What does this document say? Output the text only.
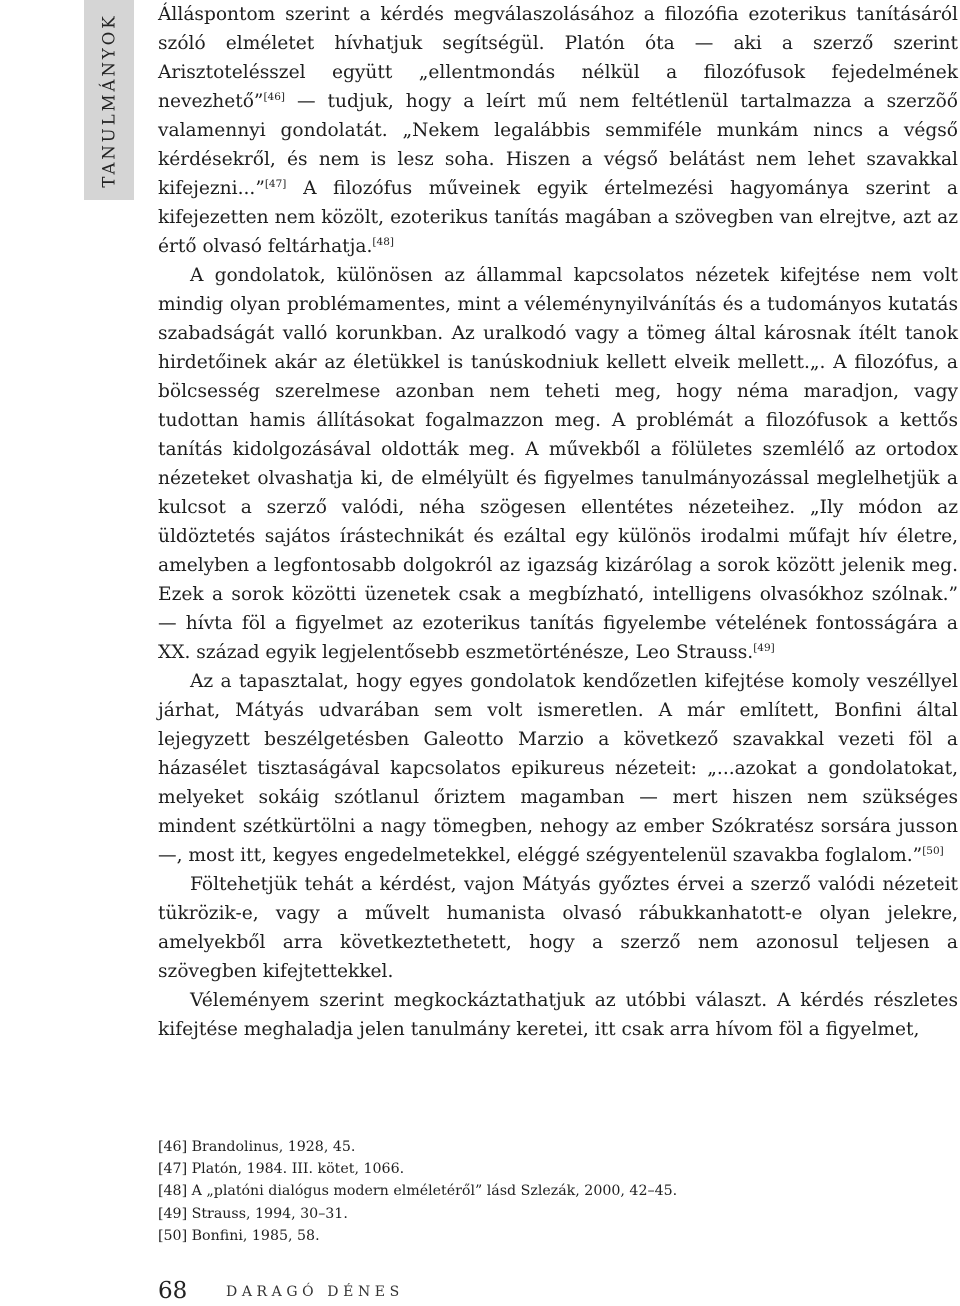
TANULMÁNYOK Álláspontom szerint a kérdés megválaszolásához a filozófia ezoterikus tanításáról szóló elméletet hívhatjuk segítségül. Platón óta — aki a szerző szerint Arisztotelésszel együtt „ellentmondás nélkül a filozófusok fejedelmének nevezhető”[46] — tudjuk, hogy a leírt mű nem feltétlenül tartalmazza a szerzõő valamennyi gondolatát. „Nekem legalábbis semmiféle munkám nincs a végső kérdésekről, és nem is lesz soha. Hiszen a végső belátást nem lehet szavakkal kifejezni...”[47] A filozófus műveinek egyik értelmezési hagyománya szerint a kifejezetten nem közölt, ezoterikus tanítás magában a szövegben van elrejtve, azt az értő olvasó feltárhatja.[48]

A gondolatok, különösen az állammal kapcsolatos nézetek kifejtése nem volt mindig olyan problémamentes, mint a véleménynyilvánítás és a tudományos kutatás szabadságát valló korunkban. Az uralkodó vagy a tömeg által károsnak ítélt tanok hirdetőinek akár az életükkel is tanúskodniuk kellett elveik mellett.„. A filozófus, a bölcsesség szerelmese azonban nem teheti meg, hogy néma maradjon, vagy tudottan hamis állításokat fogalmazzon meg. A problémát a filozófusok a kettős tanítás kidolgozásával oldották meg. A művekből a fölületes szemlélő az ortodox nézeteket olvashatja ki, de elmélyült és figyelmes tanulmányozással meglelhetjük a kulcsot a szerző valódi, néha szögesen ellentétes nézeteihez. „Ily módon az üldöztetés sajátos írástechnikát és ezáltal egy különös irodalmi műfajt hív életre, amelyben a legfontosabb dolgokról az igazság kizárólag a sorok között jelenik meg. Ezek a sorok közötti üzenetek csak a megbízható, intelligens olvasókhoz szólnak.” — hívta föl a figyelmet az ezoterikus tanítás figyelembe vételének fontosságára a XX. század egyik legjelentősebb eszmetörténésze, Leo Strauss.[49]

Az a tapasztalat, hogy egyes gondolatok kendőzetlen kifejtése komoly veszéllyel járhat, Mátyás udvarában sem volt ismeretlen. A már említett, Bonfini által lejegyzett beszélgetésben Galeotto Marzio a következő szavakkal vezeti föl a házasélet tisztaságával kapcsolatos epikureus nézeteit: „...azokat a gondolatokat, melyeket sokáig szótlanul őriztem magamban — mert hiszen nem szükséges mindent szétkürtölni a nagy tömegben, nehogy az ember Szókratész sorsára jusson —, most itt, kegyes engedelmetekkel, eléggé szégyentelenül szavakba foglalom.”[50]

Föltehetjük tehát a kérdést, vajon Mátyás győztes érvei a szerző valódi nézeteit tükrözik-e, vagy a művelt humanista olvasó rábukkanhatott-e olyan jelekre, amelyekből arra következtethetett, hogy a szerző nem azonosul teljesen a szövegben kifejtettekkel.

Véleményem szerint megkockáztathatjuk az utóbbi választ. A kérdés részletes kifejtése meghaladja jelen tanulmány keretei, itt csak arra hívom föl a figyelmet,

[46] Brandolinus, 1928, 45.
[47] Platón, 1984. III. kötet, 1066.
[48] A „platóni dialógus modern elméletéről” lásd Szlezák, 2000, 42–45.
[49] Strauss, 1994, 30–31.
[50] Bonfini, 1985, 58.
68	DARAGÓ DÉNES
